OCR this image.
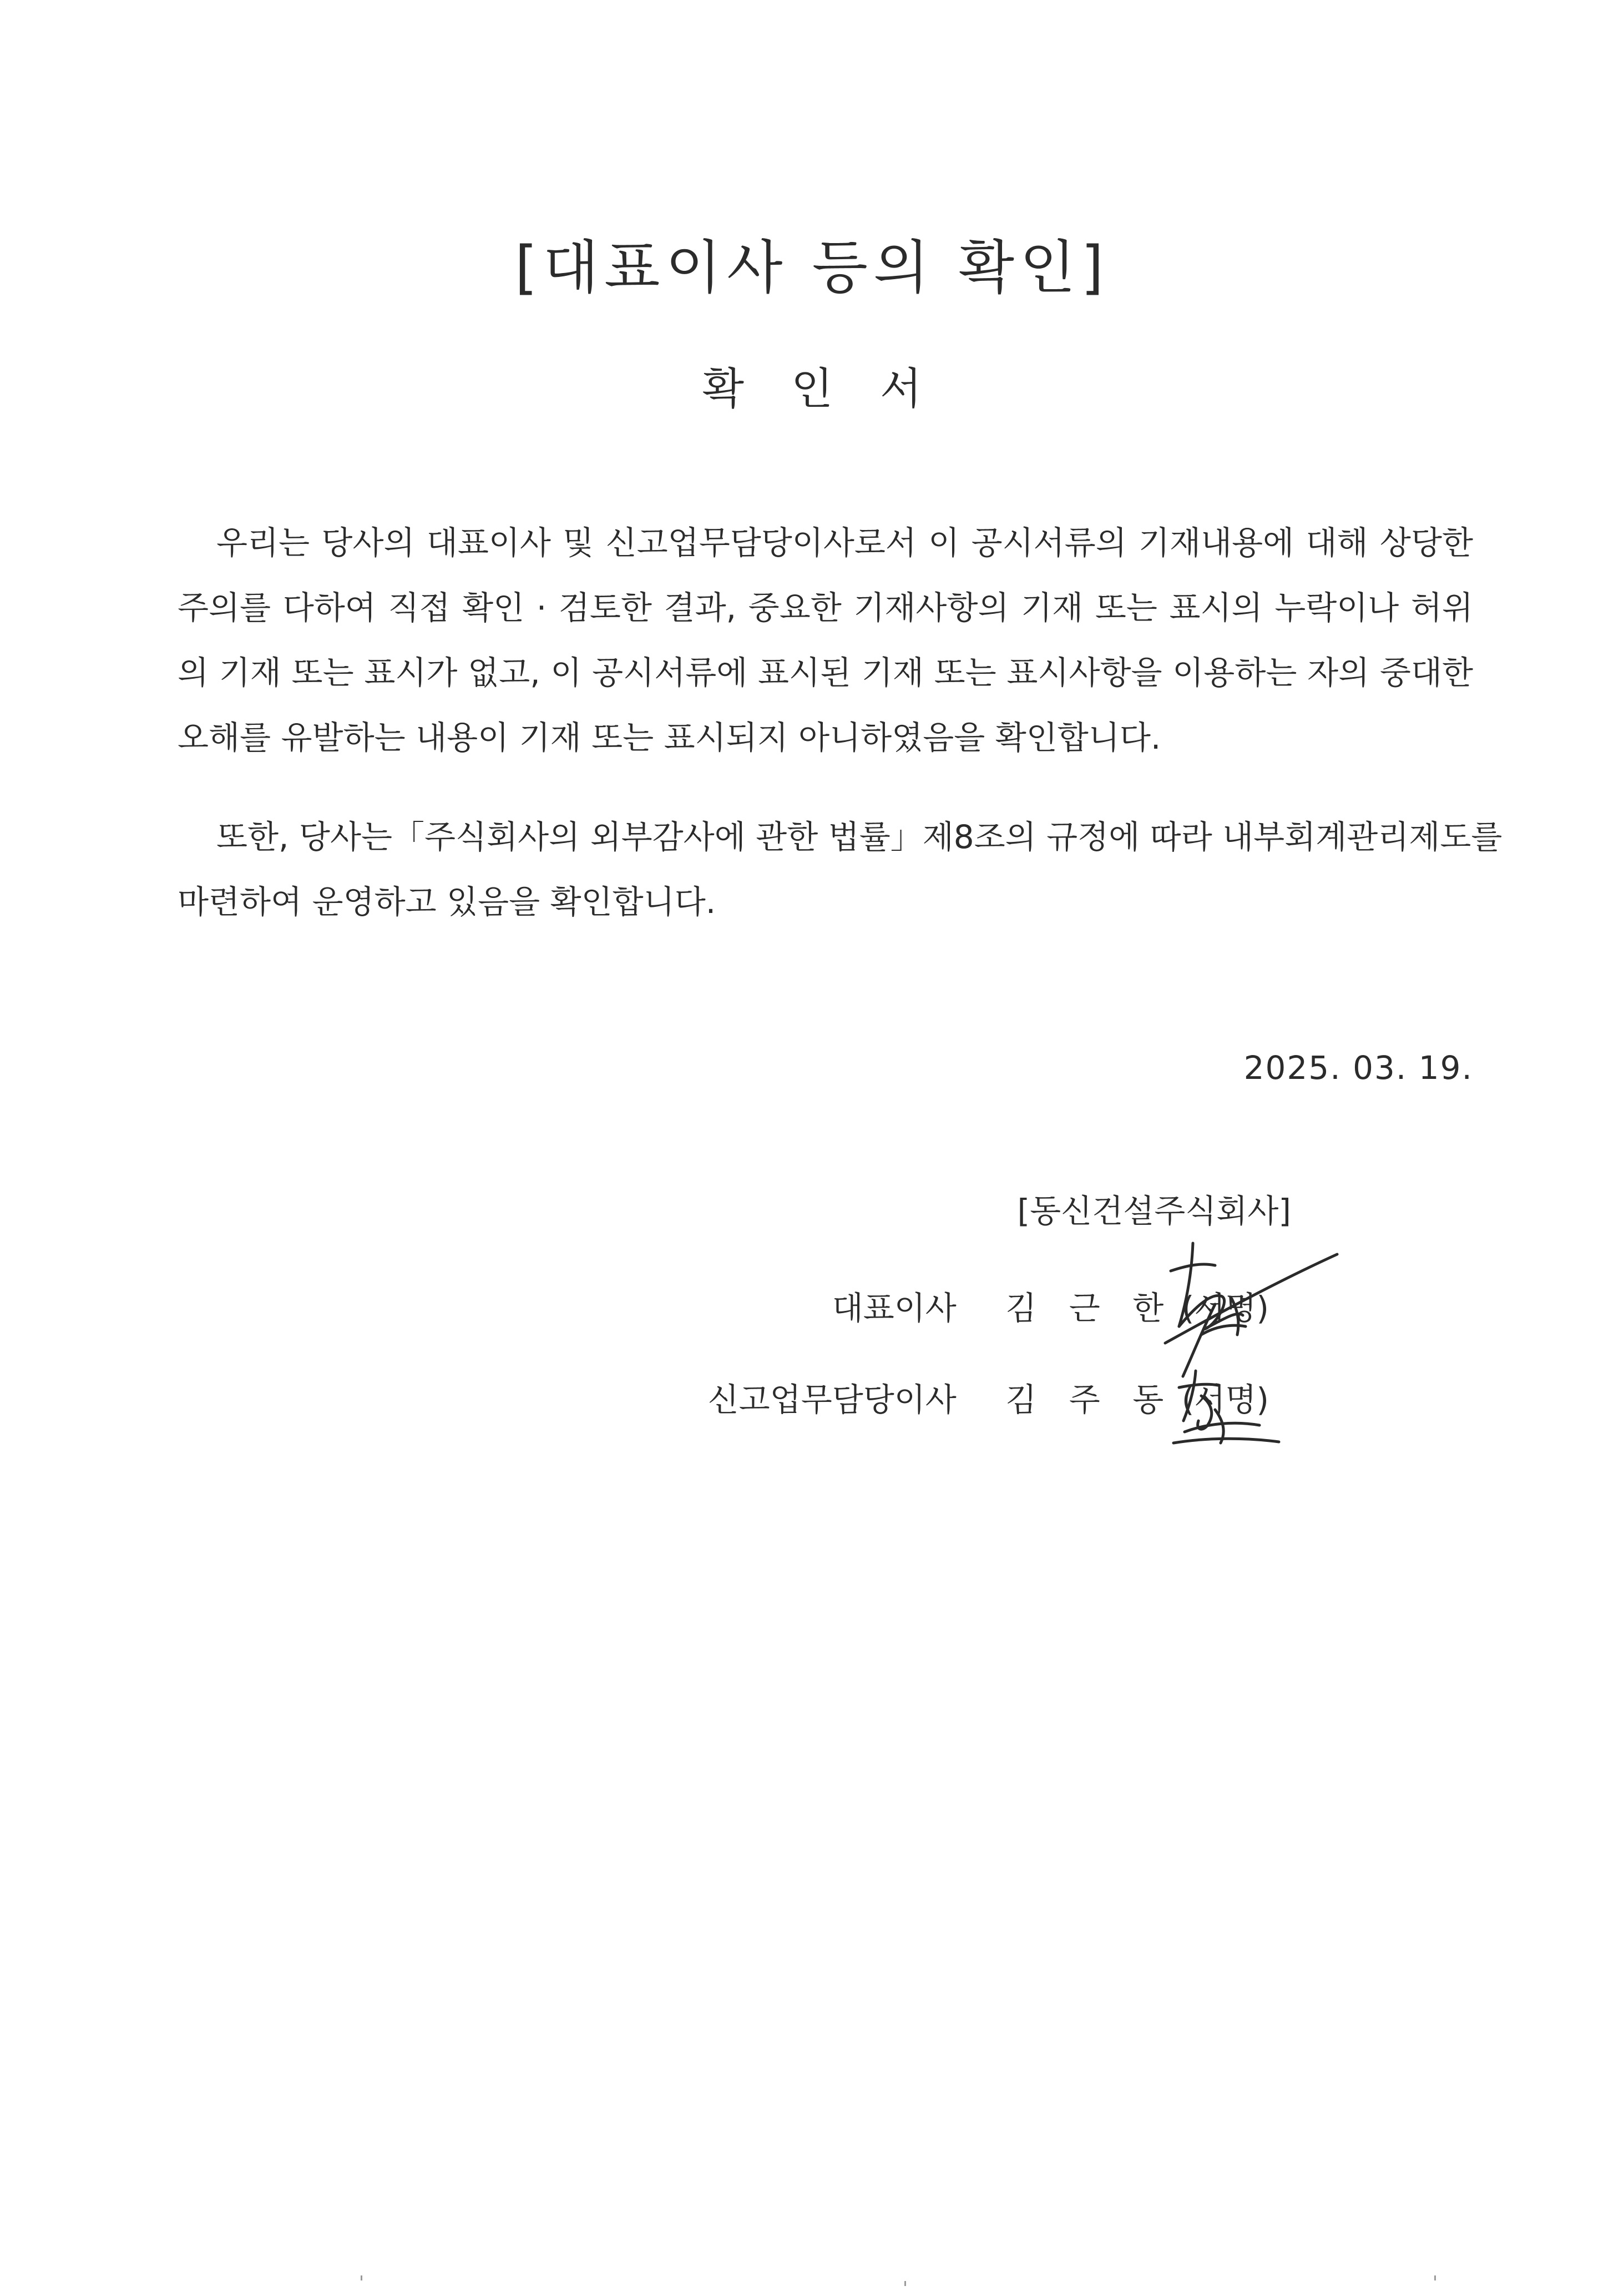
[대표이사 등의 확인]
확 인 서
우리는 당사의 대표이사 및 신고업무담당이사로서 이 공시서류의 기재내용에 대해 상당한
주의를 다하여 직접 확인 · 검토한 결과, 중요한 기재사항의 기재 또는 표시의 누락이나 허위
의 기재 또는 표시가 없고, 이 공시서류에 표시된 기재 또는 표시사항을 이용하는 자의 중대한
오해를 유발하는 내용이 기재 또는 표시되지 아니하였음을 확인합니다.
또한, 당사는「주식회사의 외부감사에 관한 법률」제8조의 규정에 따라 내부회계관리제도를
마련하여 운영하고 있음을 확인합니다.
2025. 03. 19.
[동신건설주식회사]
대표이사 김 근 한 (서명)
신고업무담당이사 김 주 동 (서명)
